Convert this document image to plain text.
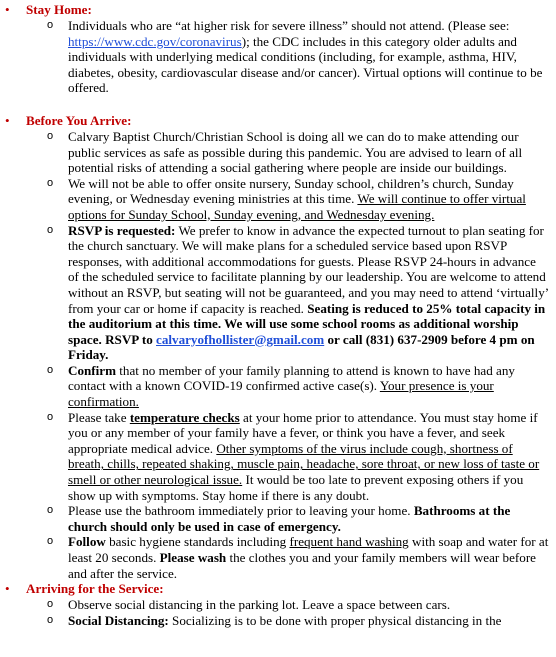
• Stay Home:
o Individuals who are “at higher risk for severe illness” should not attend. (Please see: https://www.cdc.gov/coronavirus); the CDC includes in this category older adults and individuals with underlying medical conditions (including, for example, asthma, HIV, diabetes, obesity, cardiovascular disease and/or cancer). Virtual options will continue to be offered.
• Before You Arrive:
o Calvary Baptist Church/Christian School is doing all we can do to make attending our public services as safe as possible during this pandemic. You are advised to learn of all potential risks of attending a social gathering where people are inside our buildings.
o We will not be able to offer onsite nursery, Sunday school, children’s church, Sunday evening, or Wednesday evening ministries at this time. We will continue to offer virtual options for Sunday School, Sunday evening, and Wednesday evening.
o RSVP is requested: We prefer to know in advance the expected turnout to plan seating for the church sanctuary. We will make plans for a scheduled service based upon RSVP responses, with additional accommodations for guests. Please RSVP 24-hours in advance of the scheduled service to facilitate planning by our leadership. You are welcome to attend without an RSVP, but seating will not be guaranteed, and you may need to attend ‘virtually’ from your car or home if capacity is reached. Seating is reduced to 25% total capacity in the auditorium at this time. We will use some school rooms as additional worship space. RSVP to calvaryofhollister@gmail.com or call (831) 637-2909 before 4 pm on Friday.
o Confirm that no member of your family planning to attend is known to have had any contact with a known COVID-19 confirmed active case(s). Your presence is your confirmation.
o Please take temperature checks at your home prior to attendance. You must stay home if you or any member of your family have a fever, or think you have a fever, and seek appropriate medical advice. Other symptoms of the virus include cough, shortness of breath, chills, repeated shaking, muscle pain, headache, sore throat, or new loss of taste or smell or other neurological issue. It would be too late to prevent exposing others if you show up with symptoms. Stay home if there is any doubt.
o Please use the bathroom immediately prior to leaving your home. Bathrooms at the church should only be used in case of emergency.
o Follow basic hygiene standards including frequent hand washing with soap and water for at least 20 seconds. Please wash the clothes you and your family members will wear before and after the service.
• Arriving for the Service:
o Observe social distancing in the parking lot. Leave a space between cars.
o Social Distancing: Socializing is to be done with proper physical distancing in the
